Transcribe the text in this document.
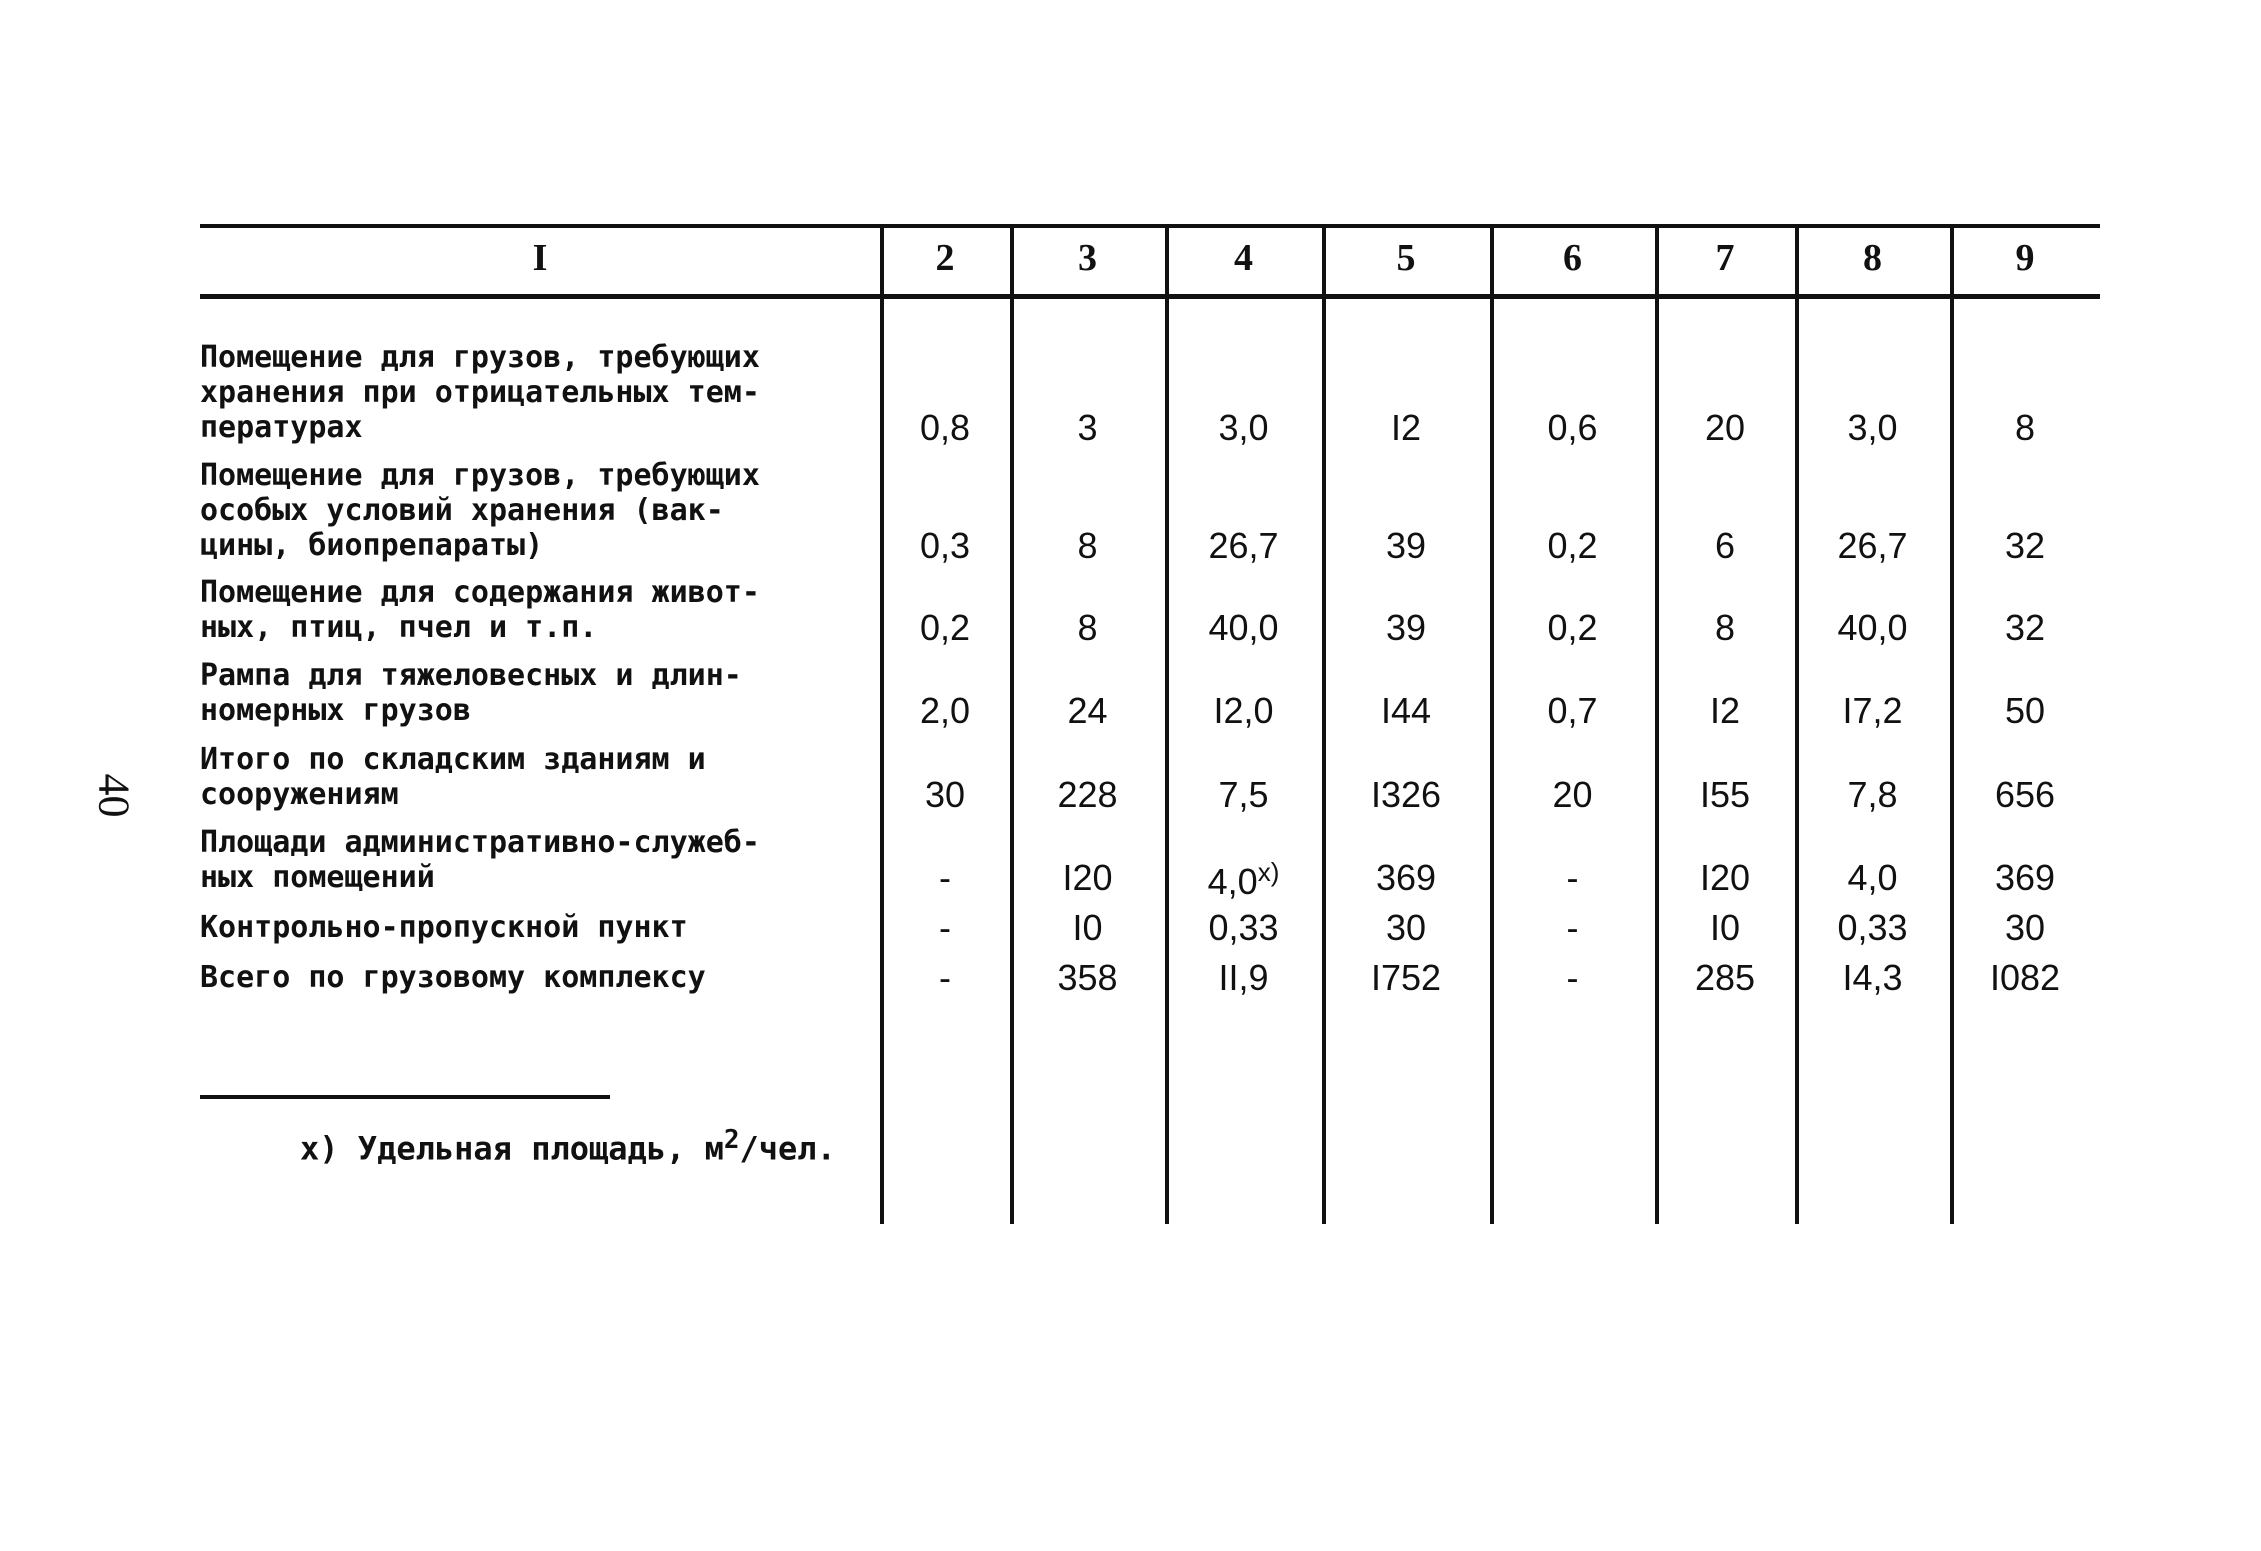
40
I	2	3	4	5	6	7	8	9
Помещение для грузов, требующих
хранения при отрицательных тем-
пературах	0,8	3	3,0	I2	0,6	20	3,0	8
Помещение для грузов, требующих
особых условий хранения (вак-
цины, биопрепараты)	0,3	8	26,7	39	0,2	6	26,7	32
Помещение для содержания живот-
ных, птиц, пчел и т.п.	0,2	8	40,0	39	0,2	8	40,0	32
Рампа для тяжеловесных и длин-
номерных грузов	2,0	24	I2,0	I44	0,7	I2	I7,2	50
Итого по складским зданиям и
сооружениям	30	228	7,5	I326	20	I55	7,8	656
Площади административно-служеб-
ных помещений	-	I20	4,0$^{x)}$	369	-	I20	4,0	369
Контрольно-пропускной пункт	-	I0	0,33	30	-	I0	0,33	30
Всего по грузовому комплексу	-	358	II,9	I752	-	285	I4,3	I082
x) Удельная площадь, $м^2$/чел.
